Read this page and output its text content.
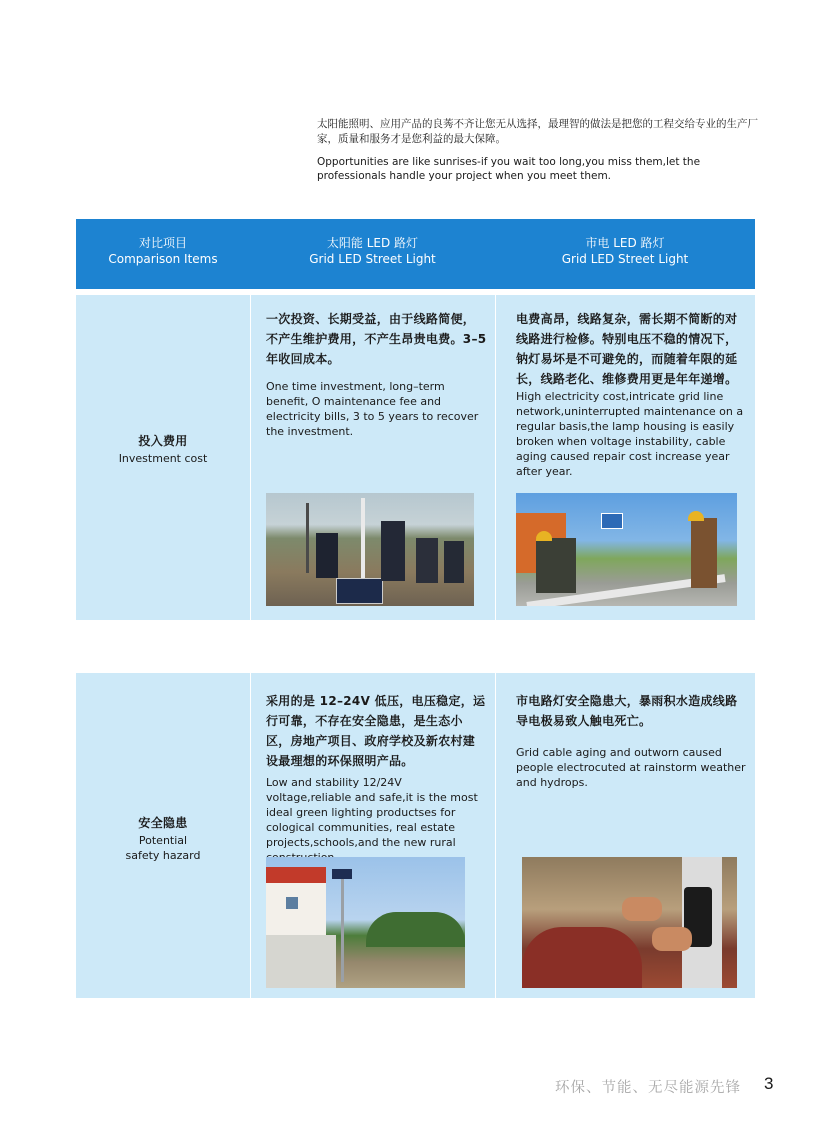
太阳能照明、应用产品的良莠不齐让您无从选择，最理智的做法是把您的工程交给专业的生产厂家，质量和服务才是您利益的最大保障。

Opportunities are like sunrises-if you wait too long,you miss them,let the professionals handle your project when you meet them.

对比项目
Comparison Items
太阳能 LED 路灯
Grid LED Street Light
市电 LED 路灯
Grid LED Street Light
投入费用
Investment cost

一次投资、长期受益，由于线路简便，不产生维护费用，不产生昂贵电费。3–5 年收回成本。

One time investment, long–term benefit, O maintenance fee and electricity bills, 3 to 5 years to recover the investment.

电费高昂，线路复杂，需长期不简断的对线路进行检修。特别电压不稳的情况下，钠灯易坏是不可避免的，而随着年限的延长，线路老化、维修费用更是年年递增。

High electricity cost,intricate grid line network,uninterrupted maintenance on a regular basis,the lamp housing is easily broken when voltage instability, cable aging caused repair cost increase year after year.

安全隐患
Potential
safety hazard

采用的是 12–24V 低压，电压稳定，运行可靠，不存在安全隐患，是生态小区，房地产项目、政府学校及新农村建设最理想的环保照明产品。

Low and stability 12/24V voltage,reliable and safe,it is the most ideal green lighting productses for cological communities, real estate projects,schools,and the new rural

市电路灯安全隐患大，暴雨积水造成线路导电极易致人触电死亡。

Grid cable aging and outworn caused people electrocuted at rainstorm weather and hydrops.

环保、节能、无尽能源先锋 3
